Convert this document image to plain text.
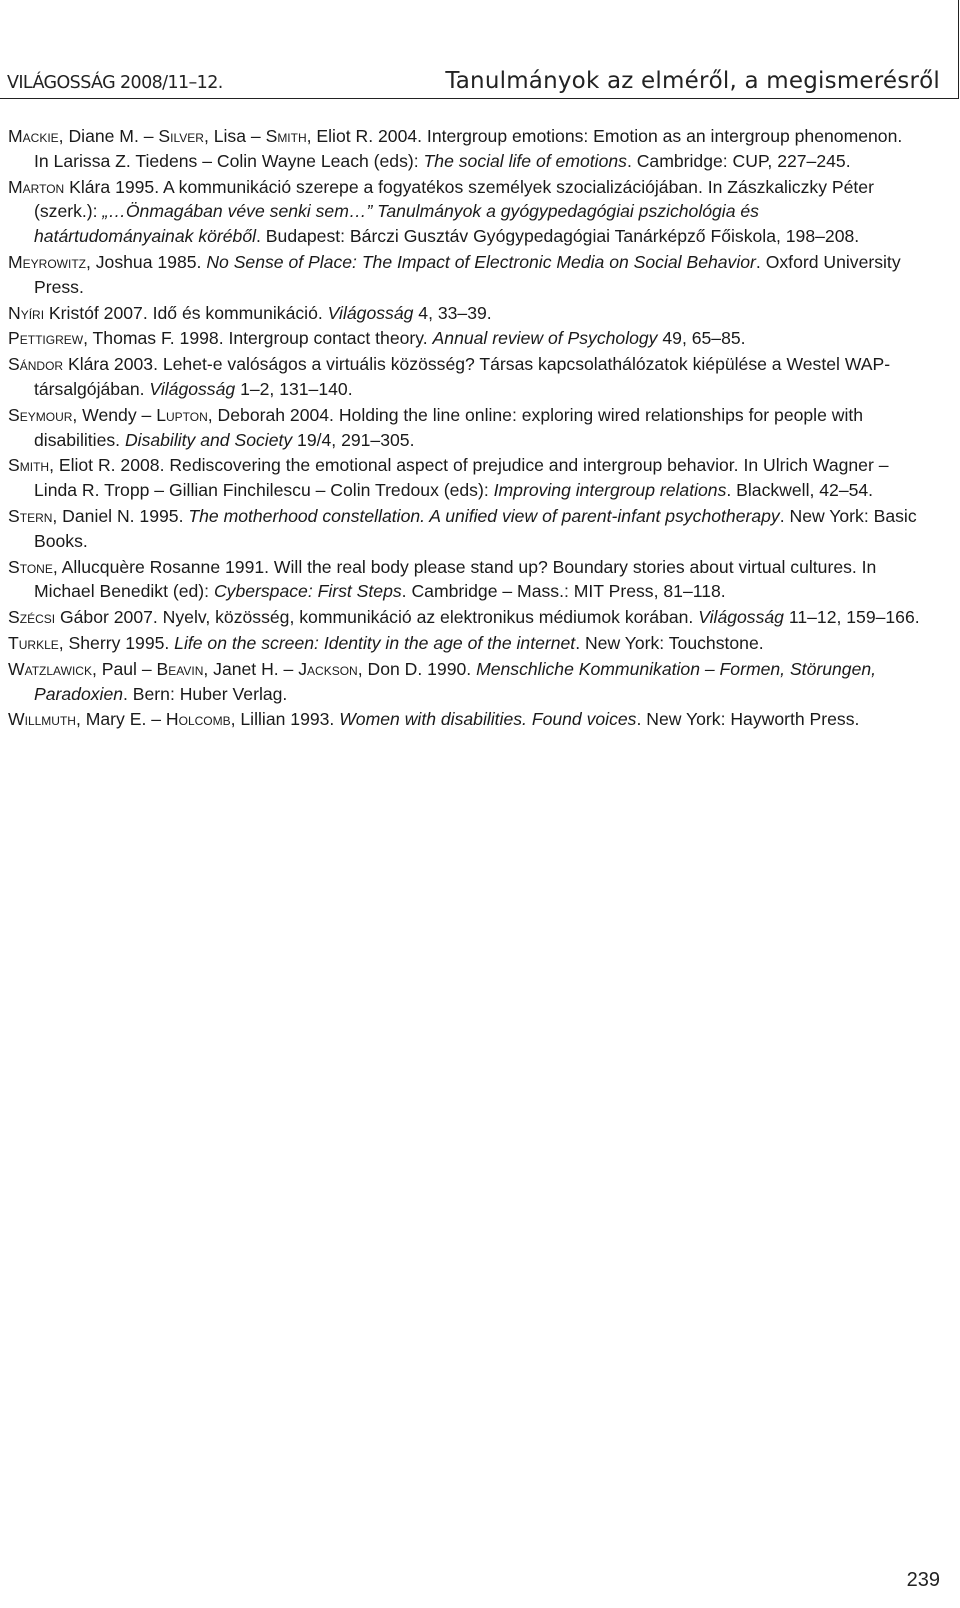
VILÁGOSSÁG 2008/11–12.	Tanulmányok az elméről, a megismerésről

Mackie, Diane M. – Silver, Lisa – Smith, Eliot R. 2004. Intergroup emotions: Emotion as an intergroup phenomenon. In Larissa Z. Tiedens – Colin Wayne Leach (eds): The social life of emotions. Cambridge: CUP, 227–245.

Marton Klára 1995. A kommunikáció szerepe a fogyatékos személyek szocializációjában. In Zászkaliczky Péter (szerk.): „…Önmagában véve senki sem…” Tanulmányok a gyógypedagógiai pszichológia és határtudományainak köréből. Budapest: Bárczi Gusztáv Gyógypedagógiai Tanárképző Főiskola, 198–208.

Meyrowitz, Joshua 1985. No Sense of Place: The Impact of Electronic Media on Social Behavior. Oxford University Press.

Nyíri Kristóf 2007. Idő és kommunikáció. Világosság 4, 33–39.

Pettigrew, Thomas F. 1998. Intergroup contact theory. Annual review of Psychology 49, 65–85.

Sándor Klára 2003. Lehet-e valóságos a virtuális közösség? Társas kapcsolathálózatok kiépülése a Westel WAP-társalgójában. Világosság 1–2, 131–140.

Seymour, Wendy – Lupton, Deborah 2004. Holding the line online: exploring wired relationships for people with disabilities. Disability and Society 19/4, 291–305.

Smith, Eliot R. 2008. Rediscovering the emotional aspect of prejudice and intergroup behavior. In Ulrich Wagner – Linda R. Tropp – Gillian Finchilescu – Colin Tredoux (eds): Improving intergroup relations. Blackwell, 42–54.

Stern, Daniel N. 1995. The motherhood constellation. A unified view of parent-infant psychotherapy. New York: Basic Books.

Stone, Allucquère Rosanne 1991. Will the real body please stand up? Boundary stories about virtual cultures. In Michael Benedikt (ed): Cyberspace: First Steps. Cambridge – Mass.: MIT Press, 81–118.

Szécsi Gábor 2007. Nyelv, közösség, kommunikáció az elektronikus médiumok korában. Világosság 11–12, 159–166.

Turkle, Sherry 1995. Life on the screen: Identity in the age of the internet. New York: Touchstone.

Watzlawick, Paul – Beavin, Janet H. – Jackson, Don D. 1990. Menschliche Kommunikation – Formen, Störungen, Paradoxien. Bern: Huber Verlag.

Willmuth, Mary E. – Holcomb, Lillian 1993. Women with disabilities. Found voices. New York: Hayworth Press.

239
